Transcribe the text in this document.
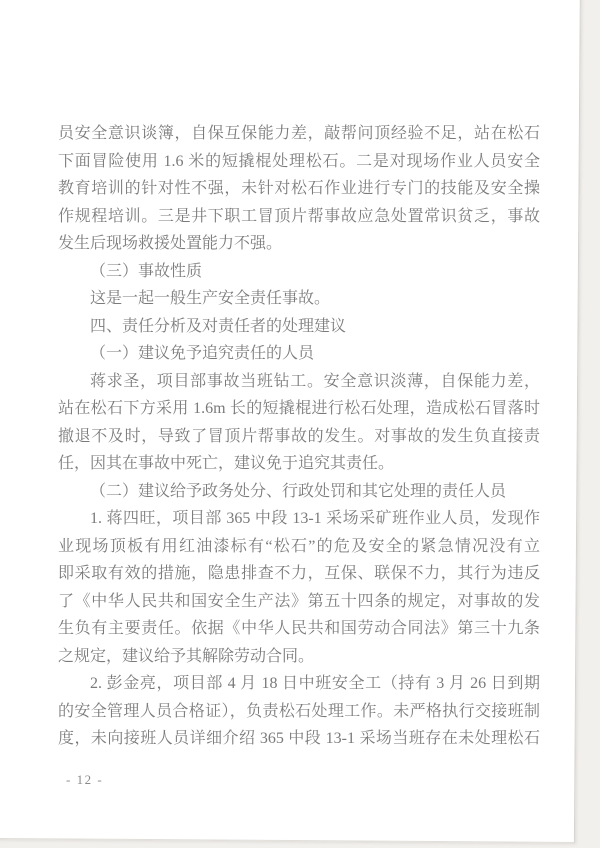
员安全意识谈簿，自保互保能力差，敲帮问顶经验不足，站在松石
下面冒险使用 1.6 米的短撬棍处理松石。二是对现场作业人员安全
教育培训的针对性不强，未针对松石作业进行专门的技能及安全操
作规程培训。三是井下职工冒顶片帮事故应急处置常识贫乏，事故
发生后现场救援处置能力不强。
（三）事故性质
这是一起一般生产安全责任事故。
四、责任分析及对责任者的处理建议
（一）建议免予追究责任的人员
蒋求圣，项目部事故当班钻工。安全意识淡薄，自保能力差，
站在松石下方采用 1.6m 长的短撬棍进行松石处理，造成松石冒落时
撤退不及时，导致了冒顶片帮事故的发生。对事故的发生负直接责
任，因其在事故中死亡，建议免于追究其责任。
（二）建议给予政务处分、行政处罚和其它处理的责任人员
1. 蒋四旺，项目部 365 中段 13-1 采场采矿班作业人员，发现作
业现场顶板有用红油漆标有“松石”的危及安全的紧急情况没有立
即采取有效的措施，隐患排查不力，互保、联保不力，其行为违反
了《中华人民共和国安全生产法》第五十四条的规定，对事故的发
生负有主要责任。依据《中华人民共和国劳动合同法》第三十九条
之规定，建议给予其解除劳动合同。
2. 彭金亮，项目部 4 月 18 日中班安全工（持有 3 月 26 日到期
的安全管理人员合格证），负责松石处理工作。未严格执行交接班制
度，未向接班人员详细介绍 365 中段 13-1 采场当班存在未处理松石
- 12 -
